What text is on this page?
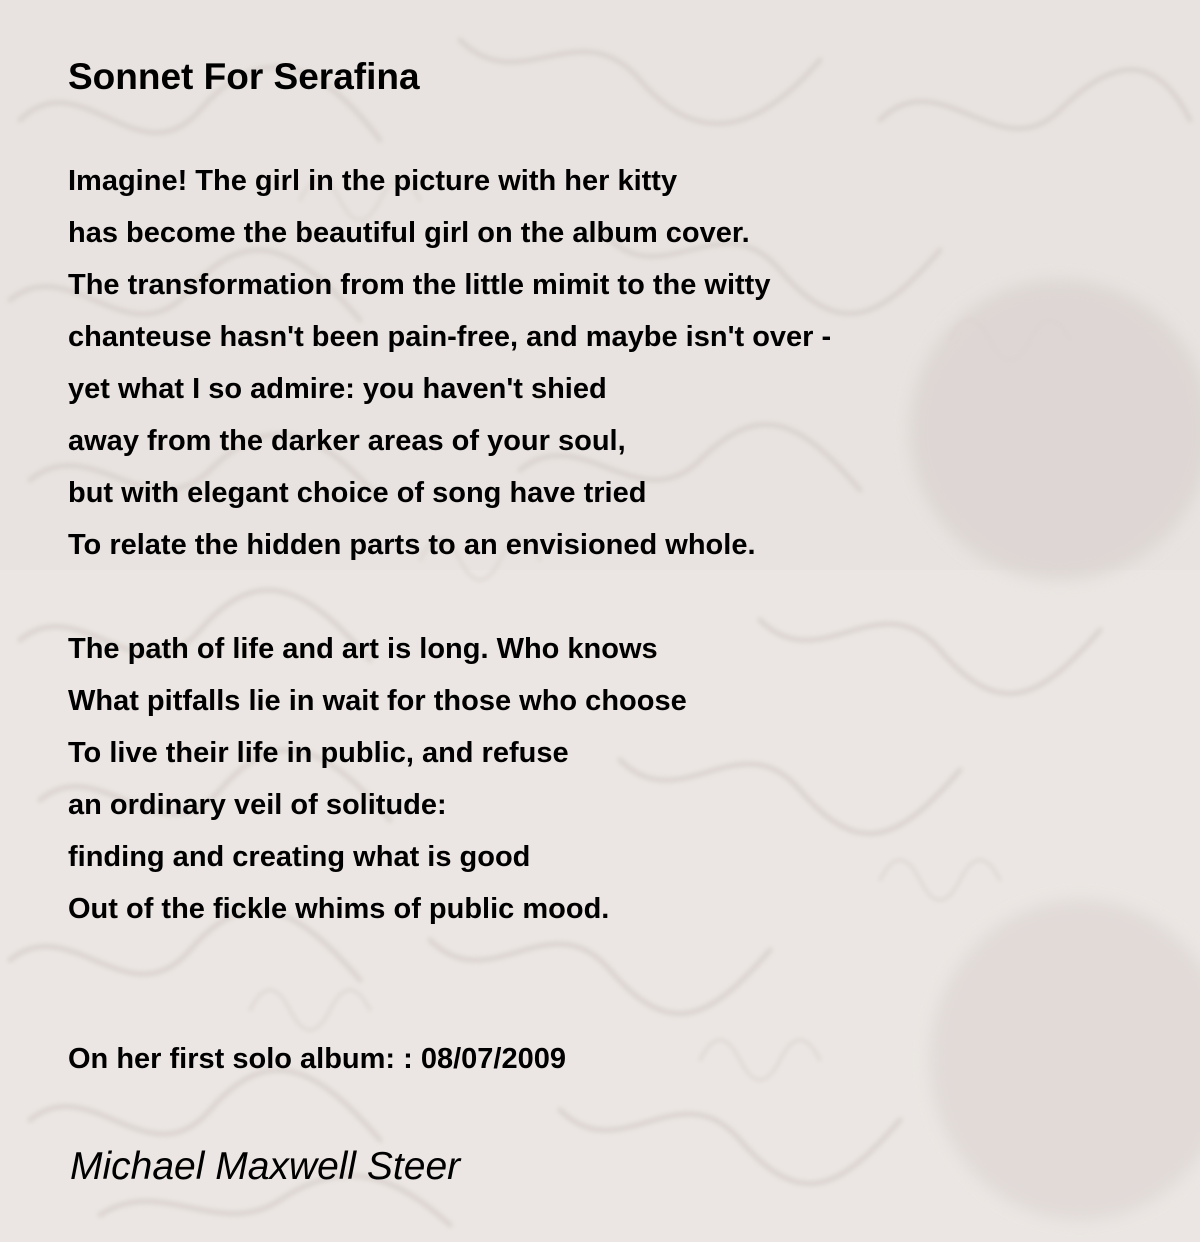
Sonnet For Serafina
Imagine! The girl in the picture with her kitty
has become the beautiful girl on the album cover.
The transformation from the little mimit to the witty
chanteuse hasn't been pain-free, and maybe isn't over -
yet what I so admire: you haven't shied
away from the darker areas of your soul,
but with elegant choice of song have tried
To relate the hidden parts to an envisioned whole.
The path of life and art is long. Who knows
What pitfalls lie in wait for those who choose
To live their life in public, and refuse
an ordinary veil of solitude:
finding and creating what is good
Out of the fickle whims of public mood.

On her first solo album: : 08/07/2009

Michael Maxwell Steer
